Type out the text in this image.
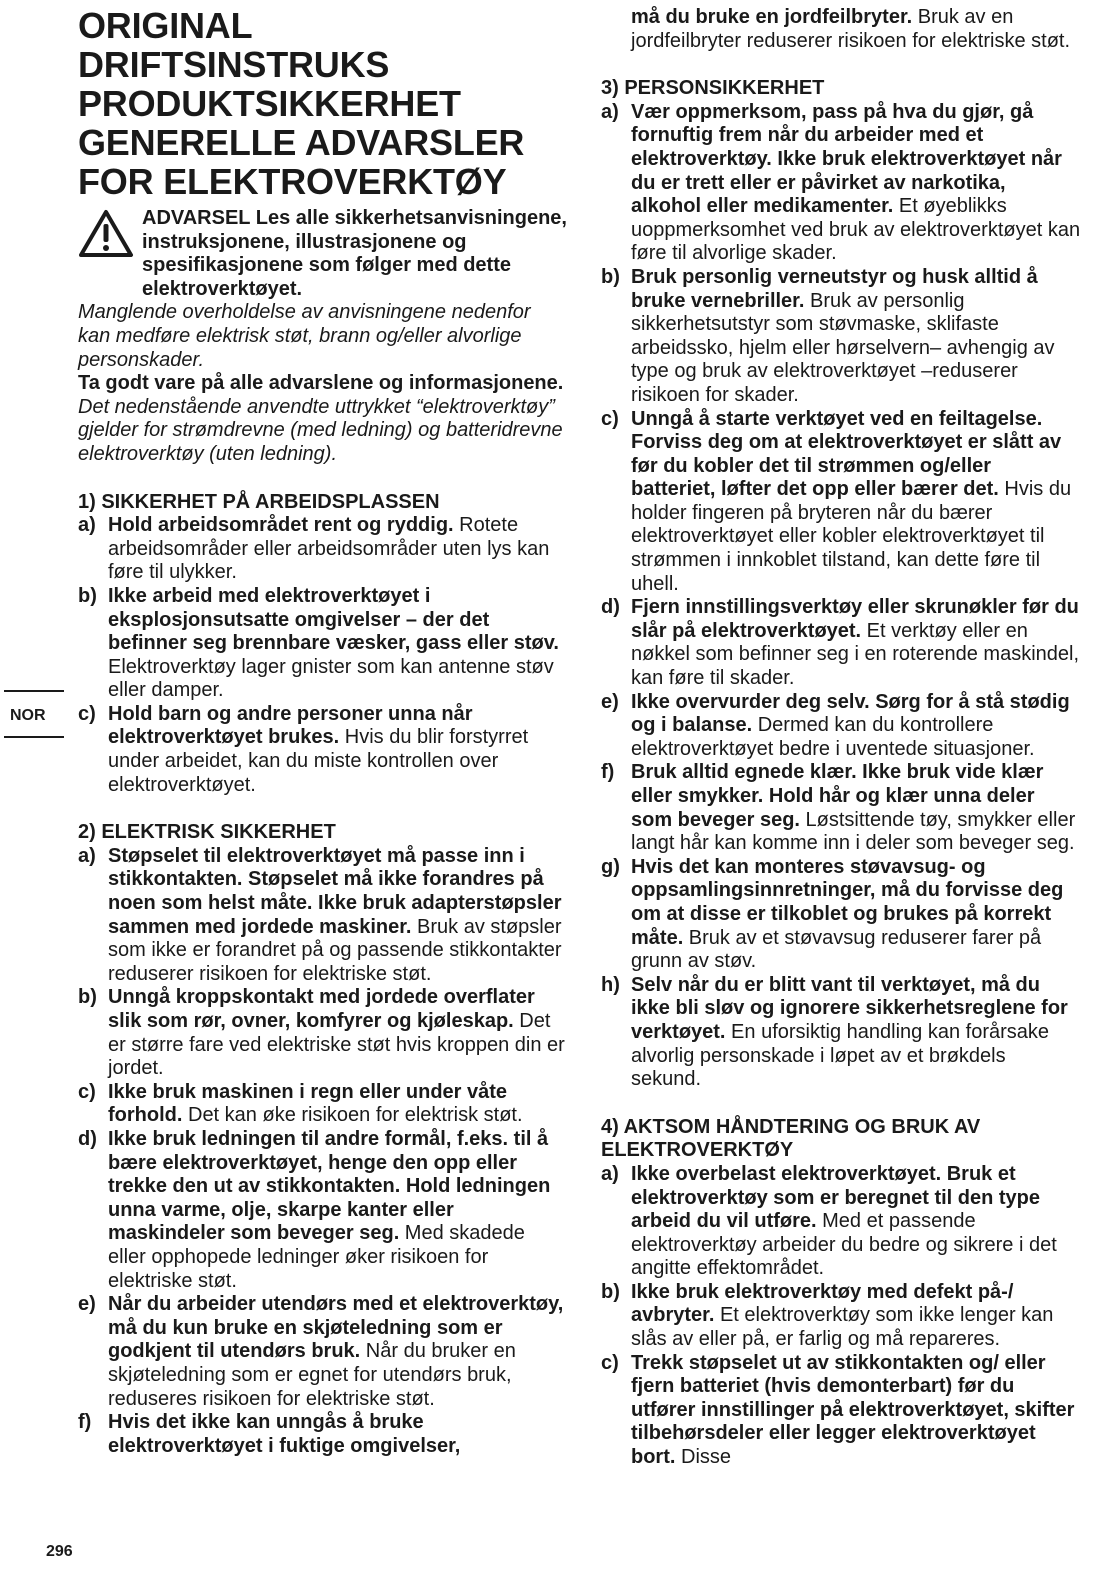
ORIGINAL DRIFTSINSTRUKS
PRODUKTSIKKERHET
GENERELLE ADVARSLER
FOR ELEKTROVERKTØY

ADVARSEL Les alle sikkerhetsanvisningene, instruksjonene, illustrasjonene og spesifikasjonene som følger med dette elektroverktøyet.

Manglende overholdelse av anvisningene nedenfor kan medføre elektrisk støt, brann og/eller alvorlige personskader.

Ta godt vare på alle advarslene og informasjonene.

Det nedenstående anvendte uttrykket “elektroverktøy” gjelder for strømdrevne (med ledning) og batteridrevne elektroverktøy (uten ledning).

1) SIKKERHET PÅ ARBEIDSPLASSEN

a) Hold arbeidsområdet rent og ryddig. Rotete arbeidsområder eller arbeidsområder uten lys kan føre til ulykker.

b) Ikke arbeid med elektroverktøyet i eksplosjonsutsatte omgivelser – der det befinner seg brennbare væsker, gass eller støv. Elektroverktøy lager gnister som kan antenne støv eller damper.

c) Hold barn og andre personer unna når elektroverktøyet brukes. Hvis du blir forstyrret under arbeidet, kan du miste kontrollen over elektroverktøyet.

2) ELEKTRISK SIKKERHET

a) Støpselet til elektroverktøyet må passe inn i stikkontakten. Støpselet må ikke forandres på noen som helst måte. Ikke bruk adapterstøpsler sammen med jordede maskiner. Bruk av støpsler som ikke er forandret på og passende stikkontakter reduserer risikoen for elektriske støt.

b) Unngå kroppskontakt med jordede overflater slik som rør, ovner, komfyrer og kjøleskap. Det er større fare ved elektriske støt hvis kroppen din er jordet.

c) Ikke bruk maskinen i regn eller under våte forhold. Det kan øke risikoen for elektrisk støt.

d) Ikke bruk ledningen til andre formål, f.eks. til å bære elektroverktøyet, henge den opp eller trekke den ut av stikkontakten. Hold ledningen unna varme, olje, skarpe kanter eller maskindeler som beveger seg. Med skadede eller opphopede ledninger øker risikoen for elektriske støt.

e) Når du arbeider utendørs med et elektroverktøy, må du kun bruke en skjøteledning som er godkjent til utendørs bruk. Når du bruker en skjøteledning som er egnet for utendørs bruk, reduseres risikoen for elektriske støt.

f) Hvis det ikke kan unngås å bruke elektroverktøyet i fuktige omgivelser,

må du bruke en jordfeilbryter. Bruk av en jordfeilbryter reduserer risikoen for elektriske støt.

3) PERSONSIKKERHET

a) Vær oppmerksom, pass på hva du gjør, gå fornuftig frem når du arbeider med et elektroverktøy. Ikke bruk elektroverktøyet når du er trett eller er påvirket av narkotika, alkohol eller medikamenter. Et øyeblikks uoppmerksomhet ved bruk av elektroverktøyet kan føre til alvorlige skader.

b) Bruk personlig verneutstyr og husk alltid å bruke vernebriller. Bruk av personlig sikkerhetsutstyr som støvmaske, sklifaste arbeidssko, hjelm eller hørselvern– avhengig av type og bruk av elektroverktøyet –reduserer risikoen for skader.

c) Unngå å starte verktøyet ved en feiltagelse. Forviss deg om at elektroverktøyet er slått av før du kobler det til strømmen og/eller batteriet, løfter det opp eller bærer det. Hvis du holder fingeren på bryteren når du bærer elektroverktøyet eller kobler elektroverktøyet til strømmen i innkoblet tilstand, kan dette føre til uhell.

d) Fjern innstillingsverktøy eller skrunøkler før du slår på elektroverktøyet. Et verktøy eller en nøkkel som befinner seg i en roterende maskindel, kan føre til skader.

e) Ikke overvurder deg selv. Sørg for å stå stødig og i balanse. Dermed kan du kontrollere elektroverktøyet bedre i uventede situasjoner.

f) Bruk alltid egnede klær. Ikke bruk vide klær eller smykker. Hold hår og klær unna deler som beveger seg. Løstsittende tøy, smykker eller langt hår kan komme inn i deler som beveger seg.

g) Hvis det kan monteres støvavsug- og oppsamlingsinnretninger, må du forvisse deg om at disse er tilkoblet og brukes på korrekt måte. Bruk av et støvavsug reduserer farer på grunn av støv.

h) Selv når du er blitt vant til verktøyet, må du ikke bli sløv og ignorere sikkerhetsreglene for verktøyet. En uforsiktig handling kan forårsake alvorlig personskade i løpet av et brøkdels sekund.

4) AKTSOM HÅNDTERING OG BRUK AV ELEKTROVERKTØY

a) Ikke overbelast elektroverktøyet. Bruk et elektroverktøy som er beregnet til den type arbeid du vil utføre. Med et passende elektroverktøy arbeider du bedre og sikrere i det angitte effektområdet.

b) Ikke bruk elektroverktøy med defekt på-/ avbryter. Et elektroverktøy som ikke lenger kan slås av eller på, er farlig og må repareres.

c) Trekk støpselet ut av stikkontakten og/ eller fjern batteriet (hvis demonterbart) før du utfører innstillinger på elektroverktøyet, skifter tilbehørsdeler eller legger elektroverktøyet bort. Disse

NOR
296
